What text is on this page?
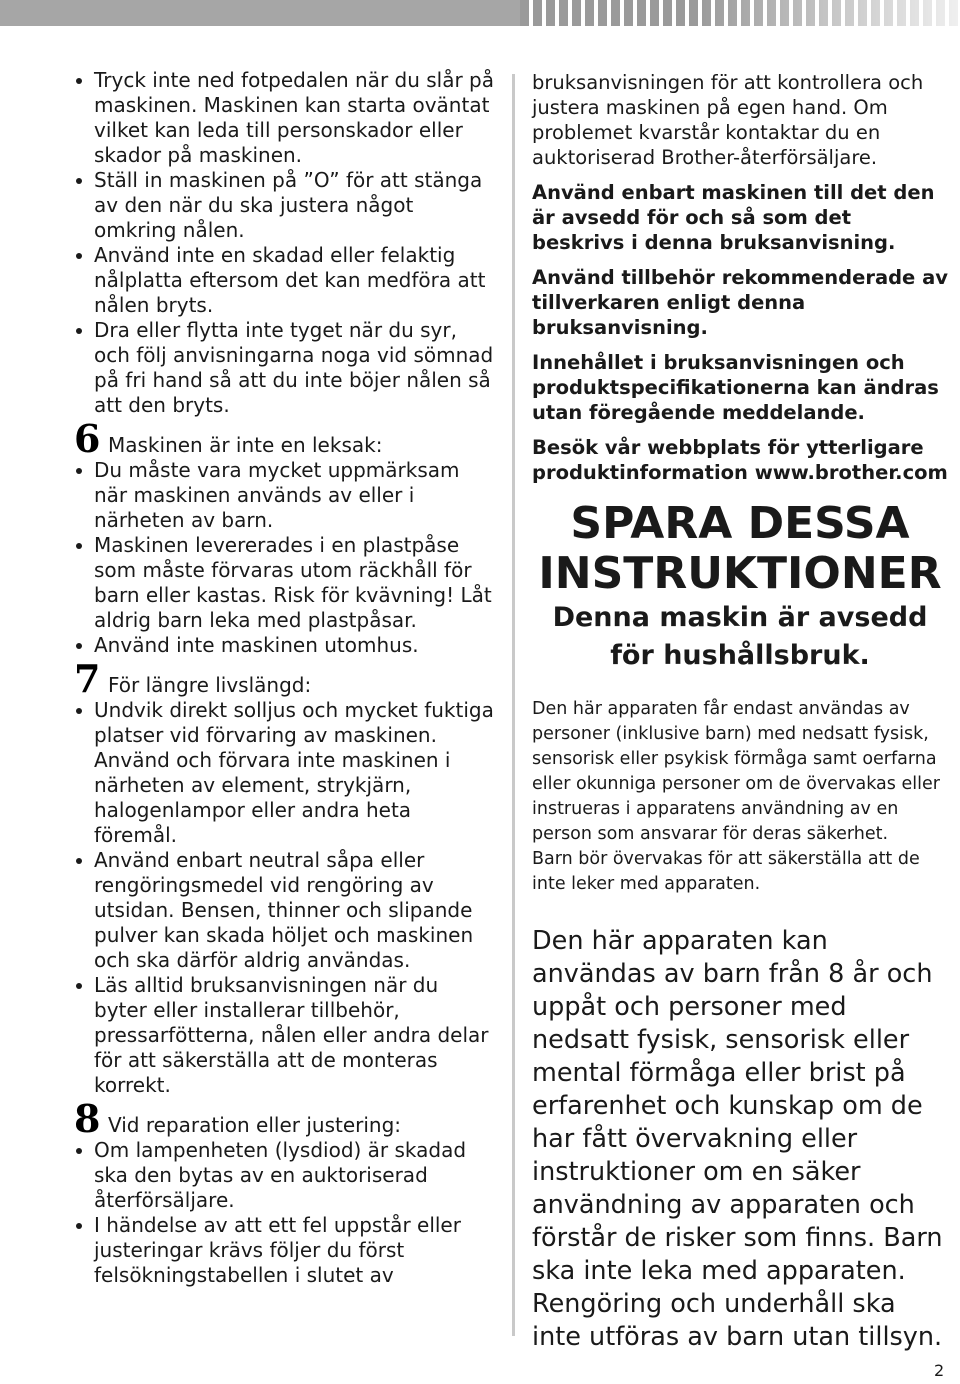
Tryck inte ned fotpedalen när du slår på maskinen. Maskinen kan starta oväntat vilket kan leda till personskador eller skador på maskinen.
Ställ in maskinen på ”O” för att stänga av den när du ska justera något omkring nålen.
Använd inte en skadad eller felaktig nålplatta eftersom det kan medföra att nålen bryts.
Dra eller flytta inte tyget när du syr, och följ anvisningarna noga vid sömnad på fri hand så att du inte böjer nålen så att den bryts.
6 Maskinen är inte en leksak:
Du måste vara mycket uppmärksam när maskinen används av eller i närheten av barn.
Maskinen levererades i en plastpåse som måste förvaras utom räckhåll för barn eller kastas. Risk för kvävning! Låt aldrig barn leka med plastpåsar.
Använd inte maskinen utomhus.
7 För längre livslängd:
Undvik direkt solljus och mycket fuktiga platser vid förvaring av maskinen. Använd och förvara inte maskinen i närheten av element, strykjärn, halogenlampor eller andra heta föremål.
Använd enbart neutral såpa eller rengöringsmedel vid rengöring av utsidan. Bensen, thinner och slipande pulver kan skada höljet och maskinen och ska därför aldrig användas.
Läs alltid bruksanvisningen när du byter eller installerar tillbehör, pressarfötterna, nålen eller andra delar för att säkerställa att de monteras korrekt.
8 Vid reparation eller justering:
Om lampenheten (lysdiod) är skadad ska den bytas av en auktoriserad återförsäljare.
I händelse av att ett fel uppstår eller justeringar krävs följer du först felsökningstabellen i slutet av

bruksanvisningen för att kontrollera och justera maskinen på egen hand. Om problemet kvarstår kontaktar du en auktoriserad Brother-återförsäljare.

Använd enbart maskinen till det den är avsedd för och så som det beskrivs i denna bruksanvisning.

Använd tillbehör rekommenderade av tillverkaren enligt denna bruksanvisning.

Innehållet i bruksanvisningen och produktspecifikationerna kan ändras utan föregående meddelande.

Besök vår webbplats för ytterligare produktinformation www.brother.com

SPARA DESSA

INSTRUKTIONER

Denna maskin är avsedd

för hushållsbruk.

Den här apparaten får endast användas av personer (inklusive barn) med nedsatt fysisk, sensorisk eller psykisk förmåga samt oerfarna eller okunniga personer om de övervakas eller instrueras i apparatens användning av en person som ansvarar för deras säkerhet.

Barn bör övervakas för att säkerställa att de inte leker med apparaten.

Den här apparaten kan användas av barn från 8 år och uppåt och personer med nedsatt fysisk, sensorisk eller mental förmåga eller brist på erfarenhet och kunskap om de har fått övervakning eller instruktioner om en säker användning av apparaten och förstår de risker som finns. Barn ska inte leka med apparaten. Rengöring och underhåll ska inte utföras av barn utan tillsyn.

2
